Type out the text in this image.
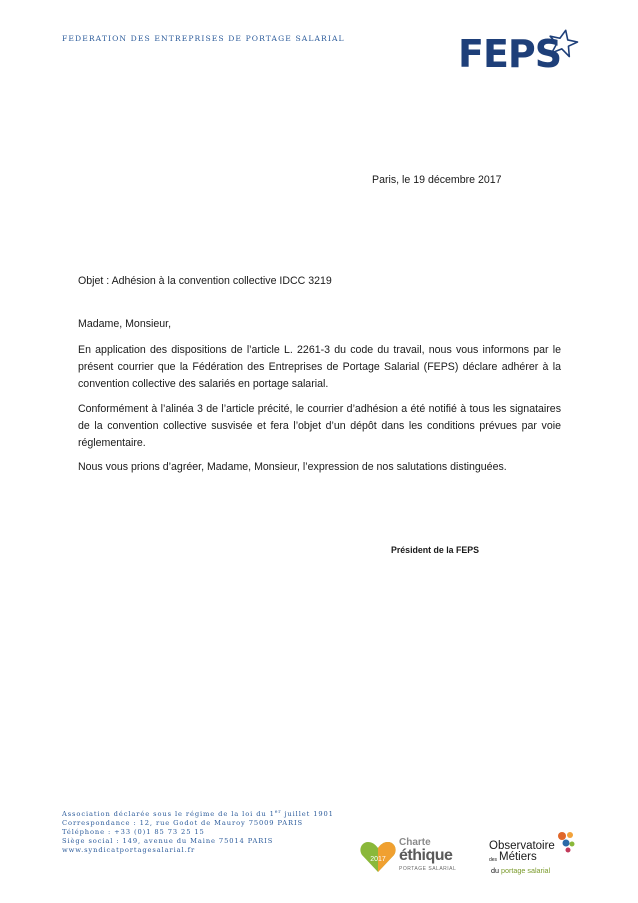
FEDERATION DES ENTREPRISES DE PORTAGE SALARIAL	FEPS
Paris, le 19 décembre 2017
Objet : Adhésion à la convention collective IDCC 3219
Madame, Monsieur,

En application des dispositions de l’article L. 2261-3 du code du travail, nous vous informons par le présent courrier que la Fédération des Entreprises de Portage Salarial (FEPS) déclare adhérer à la convention collective des salariés en portage salarial.

Conformément à l’alinéa 3 de l’article précité, le courrier d’adhésion a été notifié à tous les signataires de la convention collective susvisée et fera l’objet d’un dépôt dans les conditions prévues par voie réglementaire.

Nous vous prions d’agréer, Madame, Monsieur, l’expression de nos salutations distinguées.

Président de la FEPS
Association déclarée sous le régime de la loi du 1er juillet 1901
Correspondance : 12, rue Godot de Mauroy 75009 PARIS
Téléphone : +33 (0)1 85 73 25 15
Siège social : 149, avenue du Maine 75014 PARIS
www.syndicatportagesalarial.fr
2017
Charte
éthique
PORTAGE SALARIAL
Observatoire
des Métiers
du portage salarial
